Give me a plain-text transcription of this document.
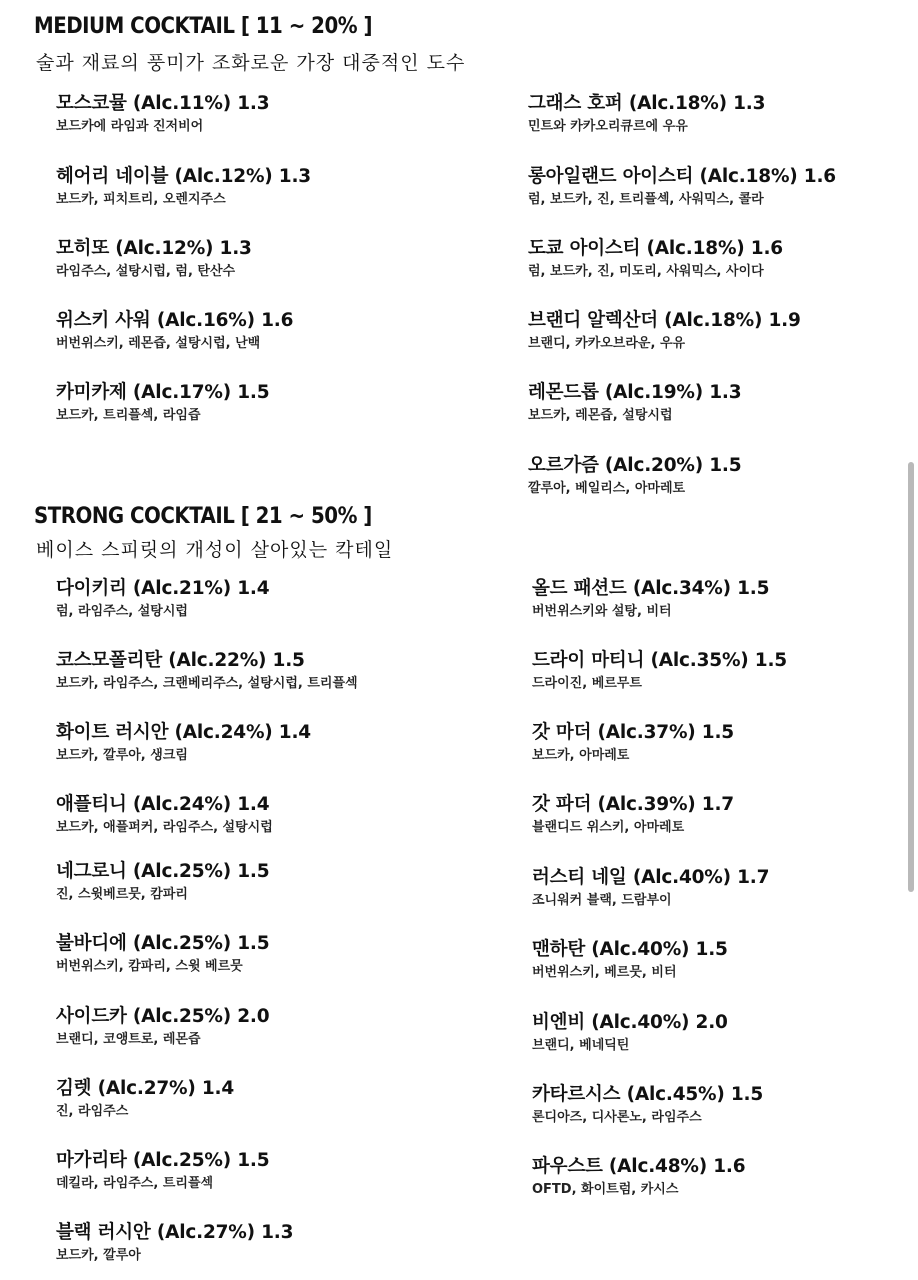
MEDIUM COCKTAIL [ 11 ~ 20% ]
술과 재료의 풍미가 조화로운 가장 대중적인 도수
모스코뮬 (Alc.11%) 1.3
보드카에 라임과 진저비어
헤어리 네이블 (Alc.12%) 1.3
보드카, 피치트리, 오렌지주스
모히또 (Alc.12%) 1.3
라임주스, 설탕시럽, 럼, 탄산수
위스키 사워 (Alc.16%) 1.6
버번위스키, 레몬즙, 설탕시럽, 난백
카미카제 (Alc.17%) 1.5
보드카, 트리플섹, 라임즙
그래스 호퍼 (Alc.18%) 1.3
민트와 카카오리큐르에 우유
롱아일랜드 아이스티 (Alc.18%) 1.6
럼, 보드카, 진, 트리플섹, 사워믹스, 콜라
도쿄 아이스티 (Alc.18%) 1.6
럼, 보드카, 진, 미도리, 사워믹스, 사이다
브랜디 알렉산더 (Alc.18%) 1.9
브랜디, 카카오브라운, 우유
레몬드롭 (Alc.19%) 1.3
보드카, 레몬즙, 설탕시럽
오르가즘 (Alc.20%) 1.5
깔루아, 베일리스, 아마레토
STRONG COCKTAIL [ 21 ~ 50% ]
베이스 스피릿의 개성이 살아있는 칵테일
다이키리 (Alc.21%) 1.4
럼, 라임주스, 설탕시럽
코스모폴리탄 (Alc.22%) 1.5
보드카, 라임주스, 크랜베리주스, 설탕시럽, 트리플섹
화이트 러시안 (Alc.24%) 1.4
보드카, 깔루아, 생크림
애플티니 (Alc.24%) 1.4
보드카, 애플퍼커, 라임주스, 설탕시럽
네그로니 (Alc.25%) 1.5
진, 스윗베르뭇, 캄파리
불바디에 (Alc.25%) 1.5
버번위스키, 캄파리, 스윗 베르뭇
사이드카 (Alc.25%) 2.0
브랜디, 코앵트로, 레몬즙
김렛 (Alc.27%) 1.4
진, 라임주스
마가리타 (Alc.25%) 1.5
데킬라, 라임주스, 트리플섹
블랙 러시안 (Alc.27%) 1.3
보드카, 깔루아
올드 패션드 (Alc.34%) 1.5
버번위스키와 설탕, 비터
드라이 마티니 (Alc.35%) 1.5
드라이진, 베르무트
갓 마더 (Alc.37%) 1.5
보드카, 아마레토
갓 파더 (Alc.39%) 1.7
블랜디드 위스키, 아마레토
러스티 네일 (Alc.40%) 1.7
조니워커 블랙, 드람부이
맨하탄 (Alc.40%) 1.5
버번위스키, 베르뭇, 비터
비엔비 (Alc.40%) 2.0
브랜디, 베네딕틴
카타르시스 (Alc.45%) 1.5
론디아즈, 디사론노, 라임주스
파우스트 (Alc.48%) 1.6
OFTD, 화이트럼, 카시스
